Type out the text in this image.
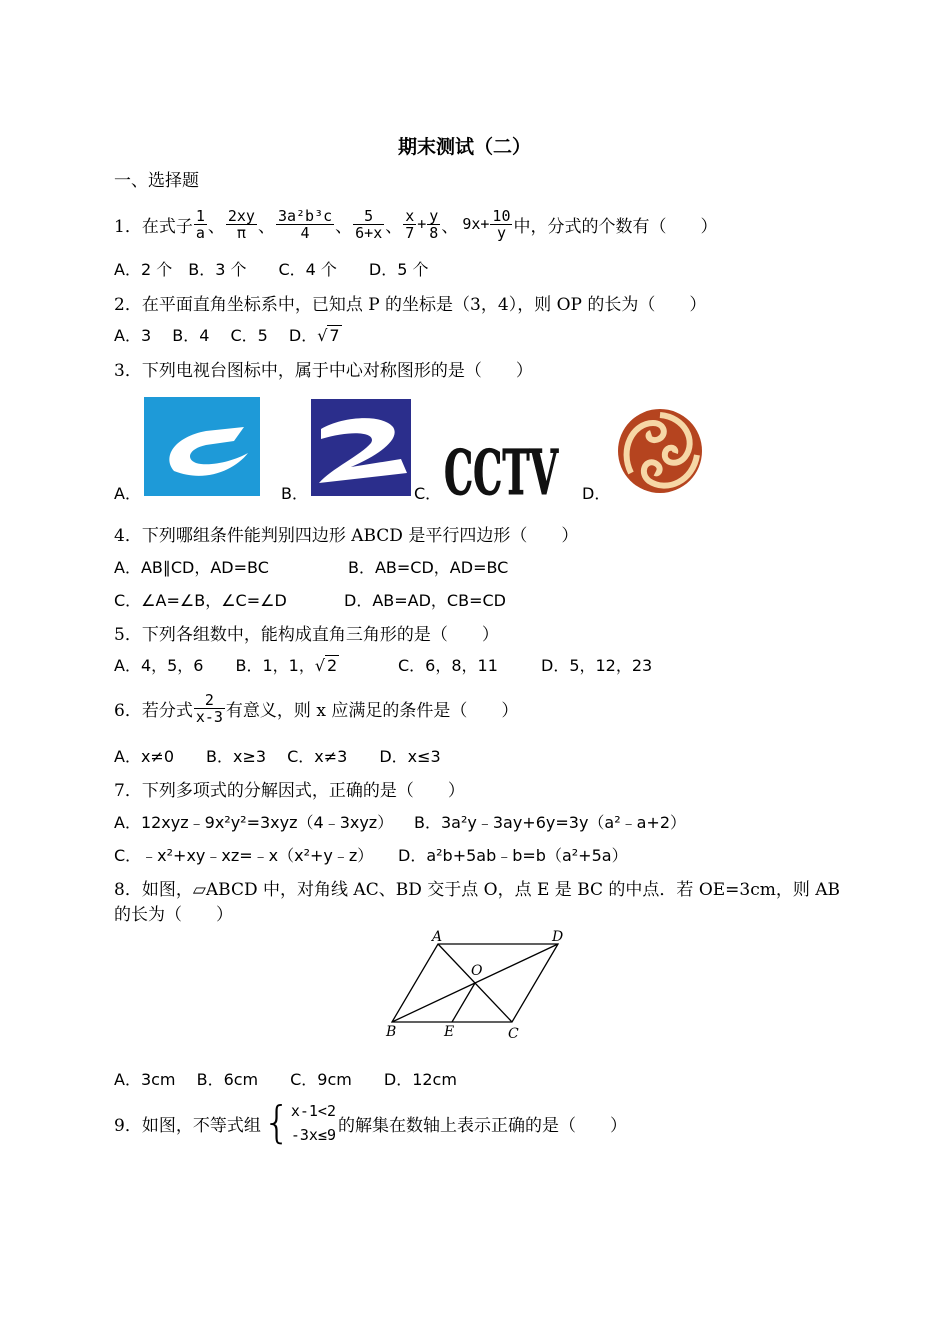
期末测试（二）
一、选择题
1．在式子 $\frac{1}{a}$ 、 $\frac{2xy}{\pi}$ 、 $\frac{\text{3a²b³c}}{4}$ 、 $\frac{5}{6+x}$ 、 $\frac{x}{7} + \frac{y}{8}$ 、 $9x+ \frac{10}{y}$ 中，分式的个数有（　　）
A．2 个　B．3 个　　C．4 个　　D．5 个
2．在平面直角坐标系中，已知点 P 的坐标是（3，4），则 OP 的长为（　　）
A．3　 B．4　 C．5　 D．√ 7
3．下列电视台图标中，属于中心对称图形的是（　　）
A．	B．	C． CCTV D．
4．下列哪组条件能判别四边形 ABCD 是平行四边形（　　）
A．AB∥CD，AD=BC	B．AB=CD，AD=BC
C．∠A=∠B，∠C=∠D	D．AB=AD，CB=CD
5．下列各组数中，能构成直角三角形的是（　　）
A．4，5，6　　B．1，1，√ 2	C．6，8，11	D．5，12，23
6．若分式 $\frac{2}{x-3}$ 有意义，则 x 应满足的条件是（　　）
A．x≠0　　B．x≥3　 C．x≠3　　D．x≤3
7．下列多项式的分解因式，正确的是（　　）
A．12xyz﹣9x²y²=3xyz（4﹣3xyz） B．3a²y﹣3ay+6y=3y（a²﹣a+2）
C．﹣x²+xy﹣xz=﹣x（x²+y﹣z） D．a²b+5ab﹣b=b（a²+5a）
8．如图，▱ABCD 中，对角线 AC、BD 交于点 O，点 E 是 BC 的中点．若 OE=3cm，则 AB
的长为（　　）
A	D
O
B	E	C
A．3cm　 B．6cm　　C．9cm　　D．12cm
9．如图，不等式组 { x-1<2
-3x≤9 的解集在数轴上表示正确的是（　　）
